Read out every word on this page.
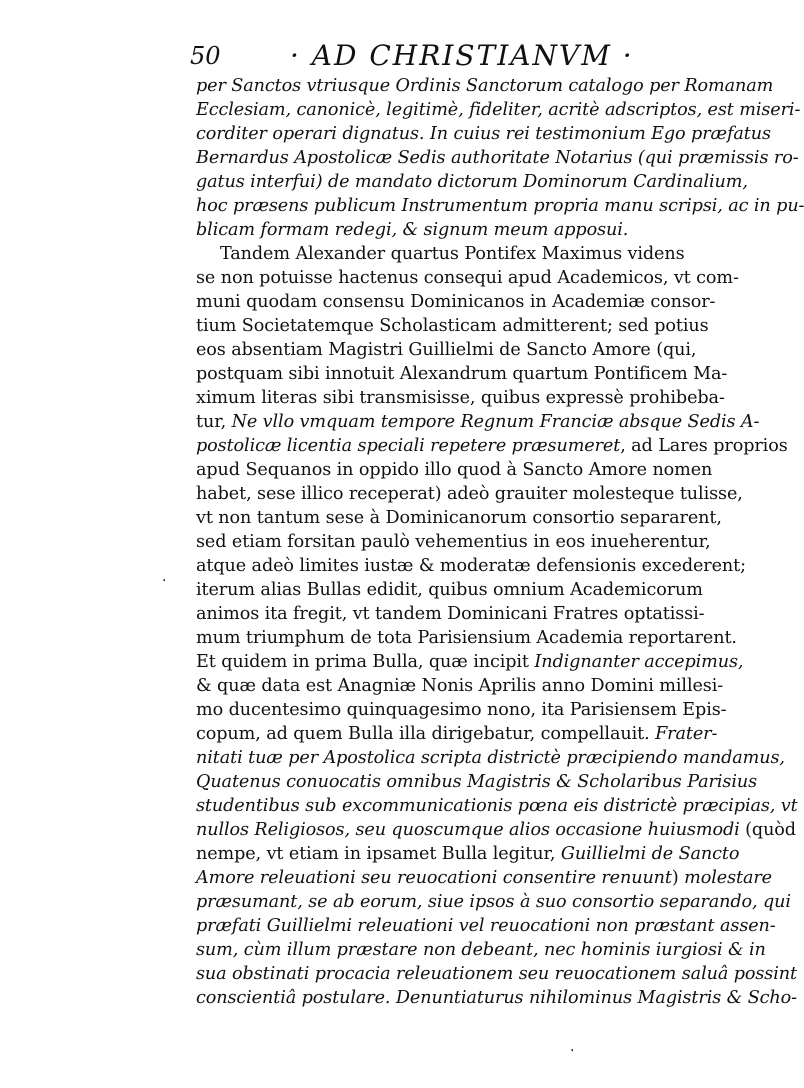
50 · AD CHRISTIANVM ·
per Sanctos vtriusque Ordinis Sanctorum catalogo per Romanam
Ecclesiam, canonicè, legitimè, fideliter, acritè adscriptos, est miseri-
corditer operari dignatus. In cuius rei testimonium Ego præfatus
Bernardus Apostolicæ Sedis authoritate Notarius (qui præmissis ro-
gatus interfui) de mandato dictorum Dominorum Cardinalium,
hoc præsens publicum Instrumentum propria manu scripsi, ac in pu-
blicam formam redegi, & signum meum apposui.
Tandem Alexander quartus Pontifex Maximus videns
se non potuisse hactenus consequi apud Academicos, vt com-
muni quodam consensu Dominicanos in Academiæ consor-
tium Societatemque Scholasticam admitterent; sed potius
eos absentiam Magistri Guillielmi de Sancto Amore (qui,
postquam sibi innotuit Alexandrum quartum Pontificem Ma-
ximum literas sibi transmisisse, quibus expressè prohibeba-
tur, Ne vllo vmquam tempore Regnum Franciæ absque Sedis A-
postolicæ licentia speciali repetere præsumeret, ad Lares proprios
apud Sequanos in oppido illo quod à Sancto Amore nomen
habet, sese illico receperat) adeò grauiter molesteque tulisse,
vt non tantum sese à Dominicanorum consortio separarent,
sed etiam forsitan paulò vehementius in eos inueherentur,
atque adeò limites iustæ & moderatæ defensionis excederent;
iterum alias Bullas edidit, quibus omnium Academicorum
animos ita fregit, vt tandem Dominicani Fratres optatissi-
mum triumphum de tota Parisiensium Academia reportarent.
Et quidem in prima Bulla, quæ incipit Indignanter accepimus,
& quæ data est Anagniæ Nonis Aprilis anno Domini millesi-
mo ducentesimo quinquagesimo nono, ita Parisiensem Epis-
copum, ad quem Bulla illa dirigebatur, compellauit. Frater-
nitati tuæ per Apostolica scripta districtè præcipiendo mandamus,
Quatenus conuocatis omnibus Magistris & Scholaribus Parisius
studentibus sub excommunicationis pœna eis districtè præcipias, vt
nullos Religiosos, seu quoscumque alios occasione huiusmodi (quòd
nempe, vt etiam in ipsamet Bulla legitur, Guillielmi de Sancto
Amore releuationi seu reuocationi consentire renuunt) molestare
præsumant, se ab eorum, siue ipsos à suo consortio separando, qui
præfati Guillielmi releuationi vel reuocationi non præstant assen-
sum, cùm illum præstare non debeant, nec hominis iurgiosi & in
sua obstinati procacia releuationem seu reuocationem saluâ possint
conscientiâ postulare. Denuntiaturus nihilominus Magistris & Scho-
·
·
